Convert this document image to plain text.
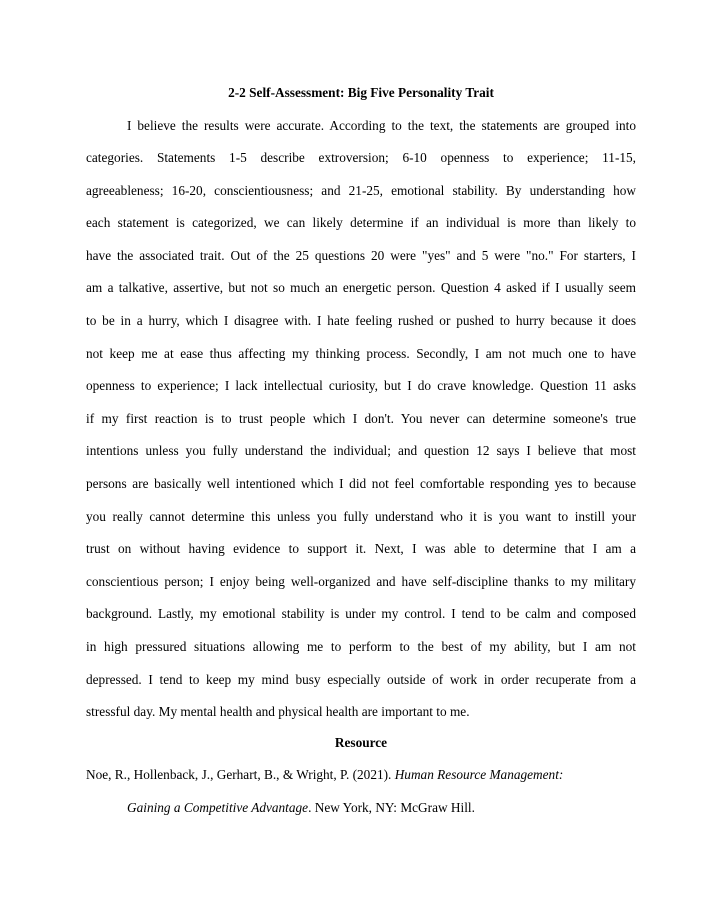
2-2 Self-Assessment: Big Five Personality Trait
I believe the results were accurate. According to the text, the statements are grouped into
categories. Statements 1-5 describe extroversion; 6-10 openness to experience; 11-15,
agreeableness; 16-20, conscientiousness; and 21-25, emotional stability. By understanding how
each statement is categorized, we can likely determine if an individual is more than likely to
have the associated trait. Out of the 25 questions 20 were "yes" and 5 were "no." For starters, I
am a talkative, assertive, but not so much an energetic person. Question 4 asked if I usually seem
to be in a hurry, which I disagree with. I hate feeling rushed or pushed to hurry because it does
not keep me at ease thus affecting my thinking process. Secondly, I am not much one to have
openness to experience; I lack intellectual curiosity, but I do crave knowledge. Question 11 asks
if my first reaction is to trust people which I don't. You never can determine someone's true
intentions unless you fully understand the individual; and question 12 says I believe that most
persons are basically well intentioned which I did not feel comfortable responding yes to because
you really cannot determine this unless you fully understand who it is you want to instill your
trust on without having evidence to support it. Next, I was able to determine that I am a
conscientious person; I enjoy being well-organized and have self-discipline thanks to my military
background. Lastly, my emotional stability is under my control. I tend to be calm and composed
in high pressured situations allowing me to perform to the best of my ability, but I am not
depressed. I tend to keep my mind busy especially outside of work in order recuperate from a
stressful day. My mental health and physical health are important to me.
Resource
Noe, R., Hollenback, J., Gerhart, B., & Wright, P. (2021). Human Resource Management:
Gaining a Competitive Advantage. New York, NY: McGraw Hill.
